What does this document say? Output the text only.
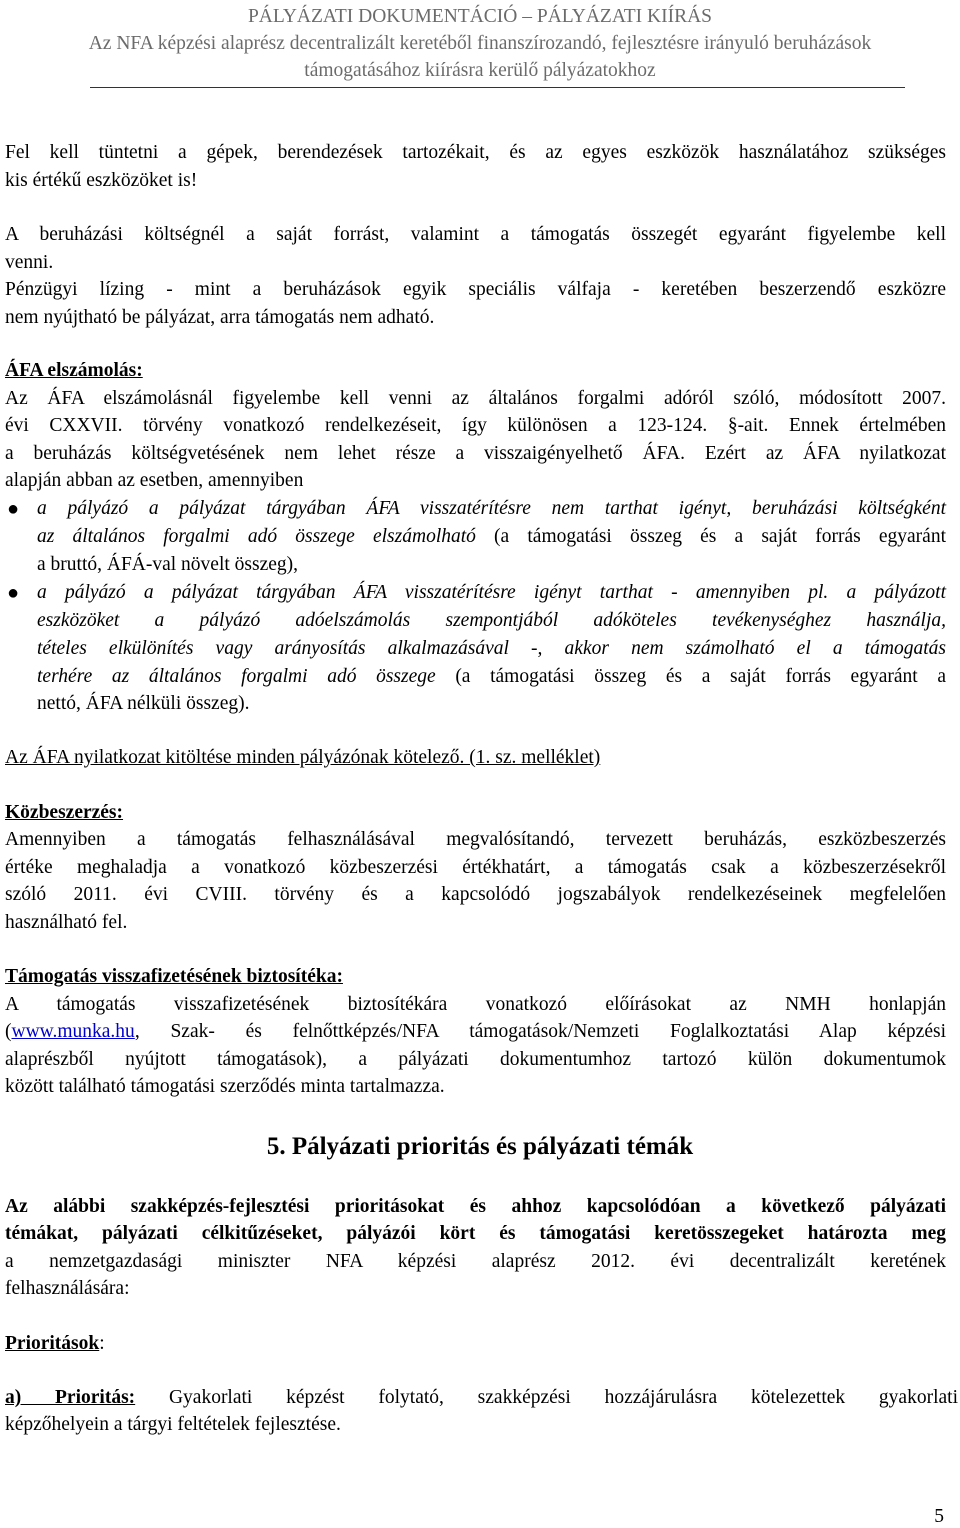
PÁLYÁZATI DOKUMENTÁCIÓ – PÁLYÁZATI KIÍRÁS
Az NFA képzési alaprész decentralizált keretéből finanszírozandó, fejlesztésre irányuló beruházások
támogatásához kiírásra kerülő pályázatokhoz
Fel kell tüntetni a gépek, berendezések tartozékait, és az egyes eszközök használatához szükséges
kis értékű eszközöket is!
A beruházási költségnél a saját forrást, valamint a támogatás összegét egyaránt figyelembe kell
venni.
Pénzügyi lízing - mint a beruházások egyik speciális válfaja - keretében beszerzendő eszközre
nem nyújtható be pályázat, arra támogatás nem adható.
ÁFA elszámolás:
Az ÁFA elszámolásnál figyelembe kell venni az általános forgalmi adóról szóló, módosított 2007.
évi CXXVII. törvény vonatkozó rendelkezéseit, így különösen a 123-124. §-ait. Ennek értelmében
a beruházás költségvetésének nem lehet része a visszaigényelhető ÁFA. Ezért az ÁFA nyilatkozat
alapján abban az esetben, amennyiben
● a pályázó a pályázat tárgyában ÁFA visszatérítésre nem tarthat igényt, beruházási költségként
az általános forgalmi adó összege elszámolható (a támogatási összeg és a saját forrás egyaránt
a bruttó, ÁFÁ-val növelt összeg),
● a pályázó a pályázat tárgyában ÁFA visszatérítésre igényt tarthat - amennyiben pl. a pályázott
eszközöket a pályázó adóelszámolás szempontjából adóköteles tevékenységhez használja,
tételes elkülönítés vagy arányosítás alkalmazásával -, akkor nem számolható el a támogatás
terhére az általános forgalmi adó összege (a támogatási összeg és a saját forrás egyaránt a
nettó, ÁFA nélküli összeg).
Az ÁFA nyilatkozat kitöltése minden pályázónak kötelező. (1. sz. melléklet)
Közbeszerzés:
Amennyiben a támogatás felhasználásával megvalósítandó, tervezett beruházás, eszközbeszerzés
értéke meghaladja a vonatkozó közbeszerzési értékhatárt, a támogatás csak a közbeszerzésekről
szóló 2011. évi CVIII. törvény és a kapcsolódó jogszabályok rendelkezéseinek megfelelően
használható fel.
Támogatás visszafizetésének biztosítéka:
A támogatás visszafizetésének biztosítékára vonatkozó előírásokat az NMH honlapján
(www.munka.hu, Szak- és felnőttképzés/NFA támogatások/Nemzeti Foglalkoztatási Alap képzési
alaprészből nyújtott támogatások), a pályázati dokumentumhoz tartozó külön dokumentumok
között található támogatási szerződés minta tartalmazza.
5. Pályázati prioritás és pályázati témák
Az alábbi szakképzés-fejlesztési prioritásokat és ahhoz kapcsolódóan a következő pályázati
témákat, pályázati célkitűzéseket, pályázói kört és támogatási keretösszegeket határozta meg
a nemzetgazdasági miniszter NFA képzési alaprész 2012. évi decentralizált keretének
felhasználására:
Prioritások:
a) Prioritás: Gyakorlati képzést folytató, szakképzési hozzájárulásra kötelezettek gyakorlati
képzőhelyein a tárgyi feltételek fejlesztése.
5
